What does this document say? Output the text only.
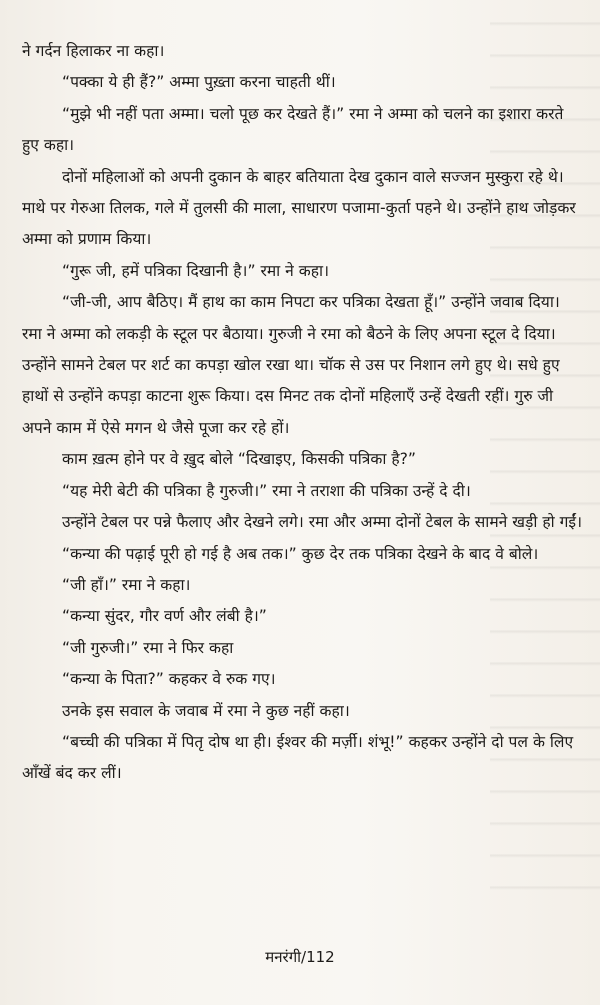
ने गर्दन हिलाकर ना कहा।

“पक्का ये ही हैं?” अम्मा पुख़्ता करना चाहती थीं।

“मुझे भी नहीं पता अम्मा। चलो पूछ कर देखते हैं।” रमा ने अम्मा को चलने का इशारा करते हुए कहा।

दोनों महिलाओं को अपनी दुकान के बाहर बतियाता देख दुकान वाले सज्जन मुस्कुरा रहे थे। माथे पर गेरुआ तिलक, गले में तुलसी की माला, साधारण पजामा-कुर्ता पहने थे। उन्होंने हाथ जोड़कर अम्मा को प्रणाम किया।

“गुरू जी, हमें पत्रिका दिखानी है।” रमा ने कहा।

“जी-जी, आप बैठिए। मैं हाथ का काम निपटा कर पत्रिका देखता हूँ।” उन्होंने जवाब दिया। रमा ने अम्मा को लकड़ी के स्टूल पर बैठाया। गुरुजी ने रमा को बैठने के लिए अपना स्टूल दे दिया। उन्होंने सामने टेबल पर शर्ट का कपड़ा खोल रखा था। चॉक से उस पर निशान लगे हुए थे। सधे हुए हाथों से उन्होंने कपड़ा काटना शुरू किया। दस मिनट तक दोनों महिलाएँ उन्हें देखती रहीं। गुरु जी अपने काम में ऐसे मगन थे जैसे पूजा कर रहे हों।

काम ख़त्म होने पर वे ख़ुद बोले “दिखाइए, किसकी पत्रिका है?”

“यह मेरी बेटी की पत्रिका है गुरुजी।” रमा ने तराशा की पत्रिका उन्हें दे दी।

उन्होंने टेबल पर पन्ने फैलाए और देखने लगे। रमा और अम्मा दोनों टेबल के सामने खड़ी हो गईं।

“कन्या की पढ़ाई पूरी हो गई है अब तक।” कुछ देर तक पत्रिका देखने के बाद वे बोले।

“जी हाँ।” रमा ने कहा।

“कन्या सुंदर, गौर वर्ण और लंबी है।”

“जी गुरुजी।” रमा ने फिर कहा

“कन्या के पिता?” कहकर वे रुक गए।

उनके इस सवाल के जवाब में रमा ने कुछ नहीं कहा।

“बच्ची की पत्रिका में पितृ दोष था ही। ईश्वर की मर्ज़ी। शंभू!” कहकर उन्होंने दो पल के लिए आँखें बंद कर लीं।

मनरंगी/112
